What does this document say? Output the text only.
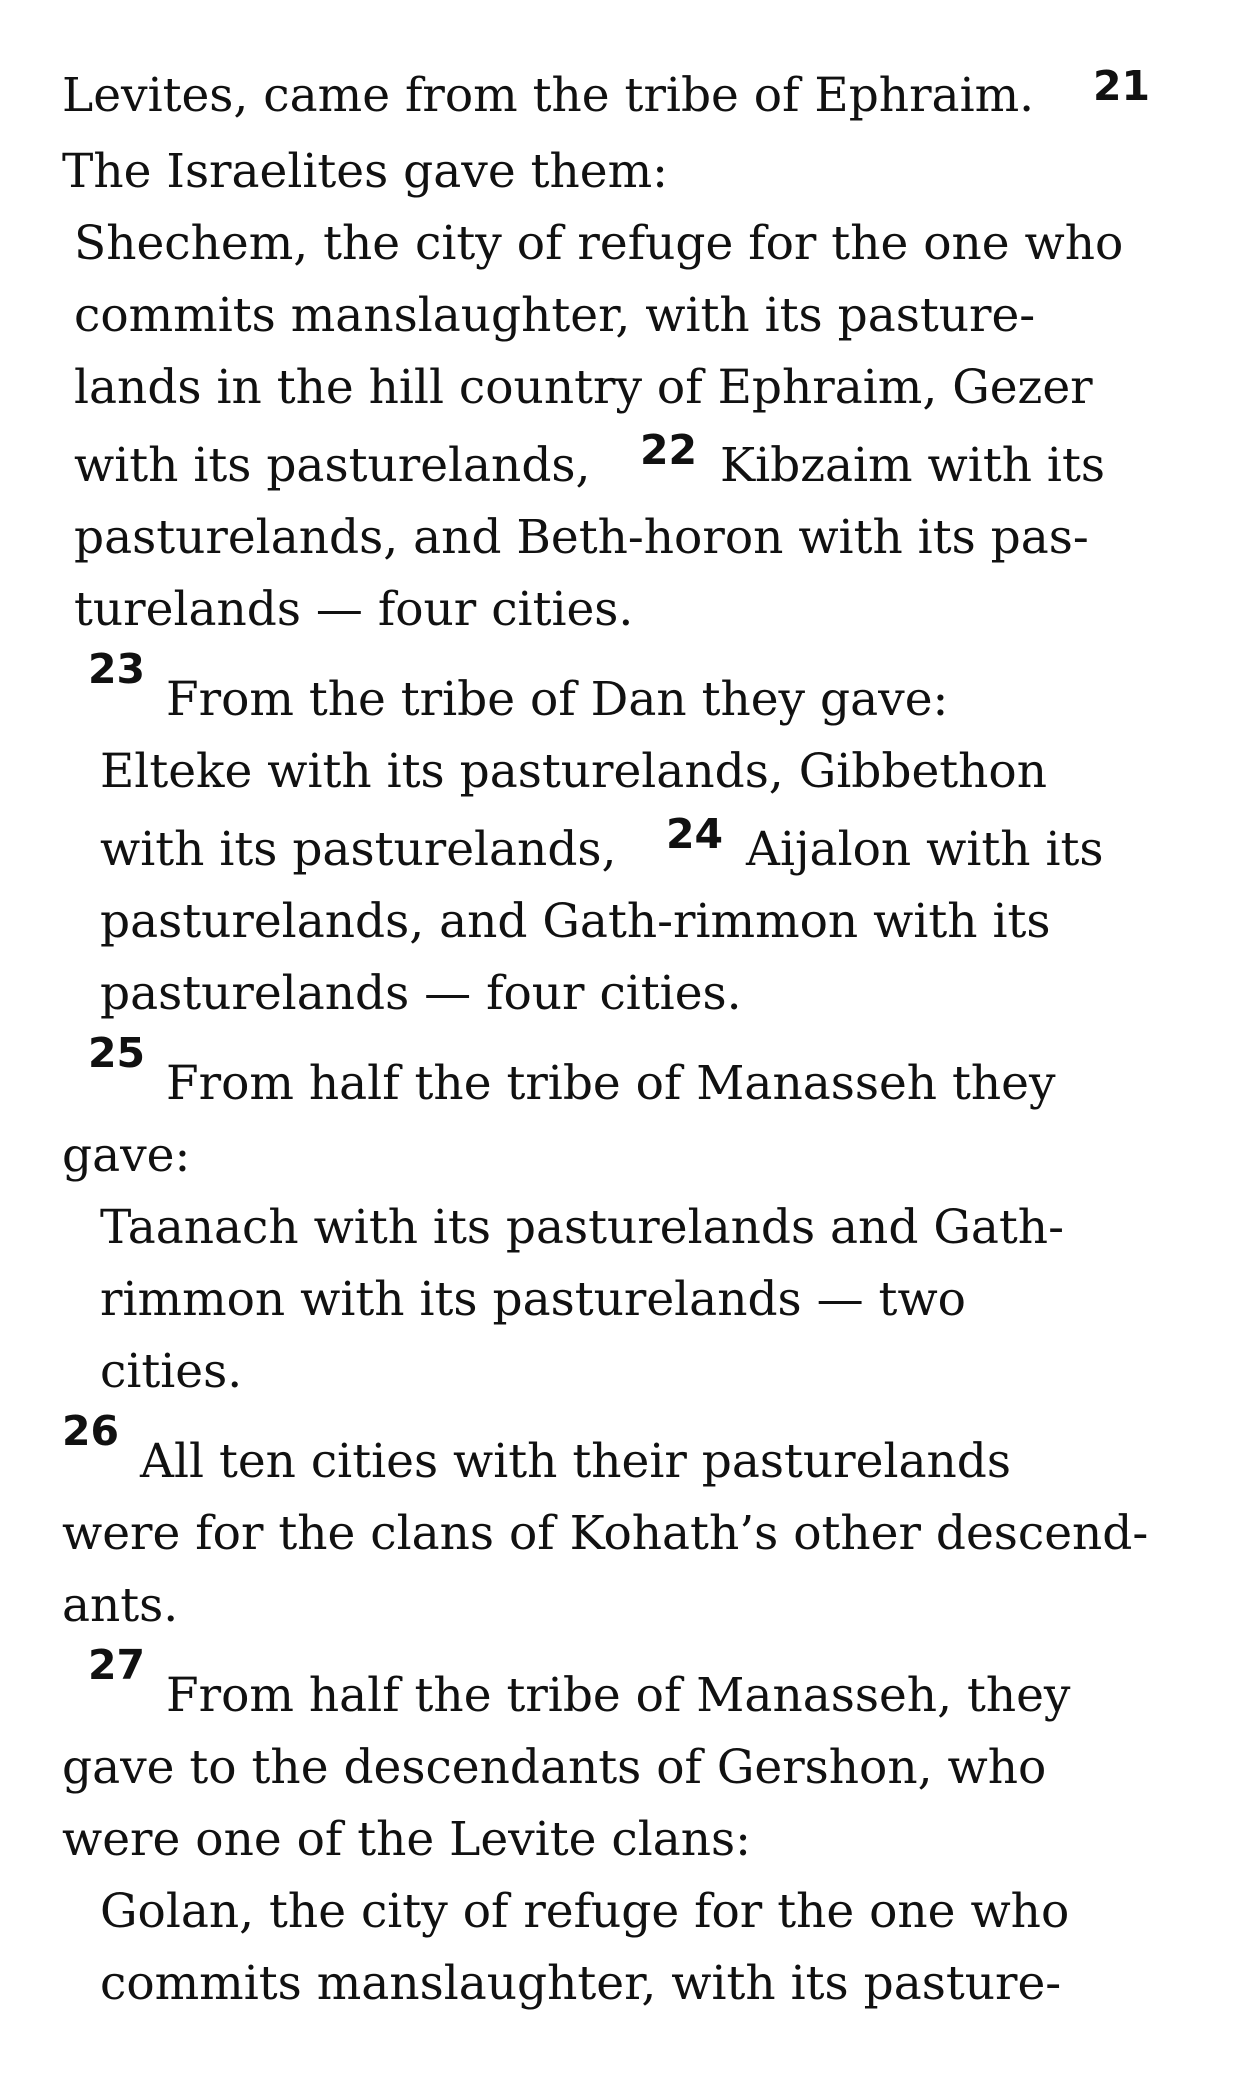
Levites, came from the tribe of Ephraim. 21
The Israelites gave them:
Shechem, the city of refuge for the one who
commits manslaughter, with its pasture-
lands in the hill country of Ephraim, Gezer
with its pasturelands, 22 Kibzaim with its
pasturelands, and Beth-horon with its pas-
turelands — four cities.
23
From the tribe of Dan they gave:
Elteke with its pasturelands, Gibbethon
with its pasturelands, 24 Aijalon with its
pasturelands, and Gath-rimmon with its
pasturelands — four cities.
25
From half the tribe of Manasseh they
gave:
Taanach with its pasturelands and Gath-
rimmon with its pasturelands — two
cities.
26
All ten cities with their pasturelands
were for the clans of Kohath’s other descend-
ants.
27
From half the tribe of Manasseh, they
gave to the descendants of Gershon, who
were one of the Levite clans:
Golan, the city of refuge for the one who
commits manslaughter, with its pasture-
